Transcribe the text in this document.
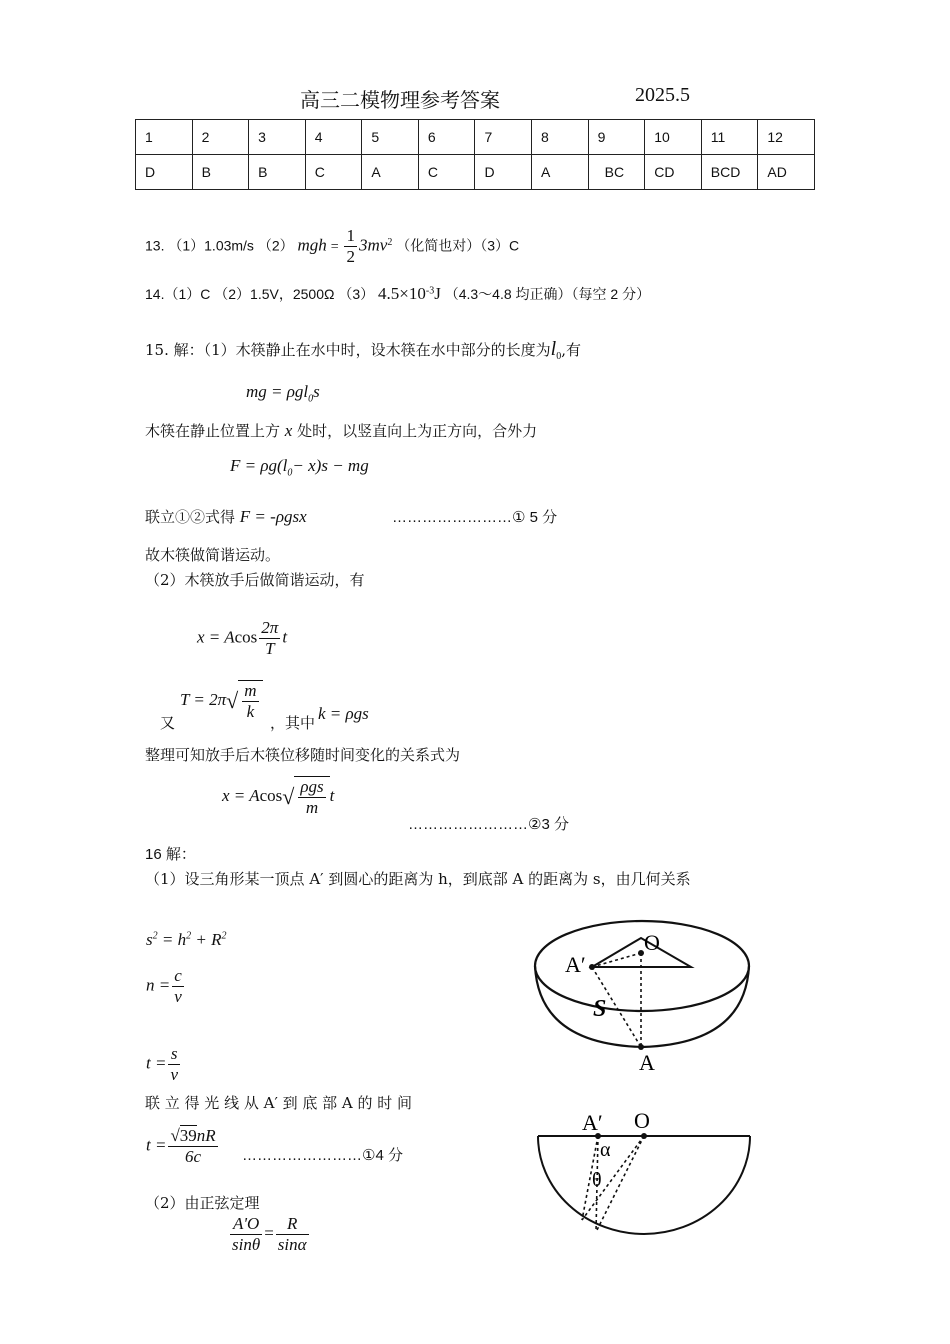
高三二模物理参考答案	2025.5
1	2	3	4	5	6	7	8	9	10	11	12
D	B	B	C	A	C	D	A	BC	CD	BCD	AD
13. （1）1.03m/s （2） mgh = $\frac{1}{2} 3mv^2$ （化简也对）（3）C
14.（1）C （2）1.5V，2500Ω （3） $4.5\times 10^{-3}J$ （4.3～4.8 均正确）（每空 2 分）
15. 解：（1）木筷静止在水中时，设木筷在水中部分的长度为$l_0$,有
mg = ρgl$_0$s
木筷在静止位置上方 x 处时，以竖直向上为正方向，合外力
$F = \rho g(l_0- x)s$ − mg
联立①②式得 F = -ρgsx	……………………① 5 分
故木筷做简谐运动。
（2）木筷放手后做简谐运动，有
x = Acos $\frac{2\pi}{T}$ t
又
$T = 2\pi√ \frac{m}{k}$
，其中 k = ρgs
整理可知放手后木筷位移随时间变化的关系式为
$x = Acos√ \frac{\text{ρgs}}{m}$ t
……………………②3 分
16 解：
（1）设三角形某一顶点 A′ 到圆心的距离为 h，到底部 A 的距离为 s，由几何关系
$s^2 = h^2 + R^2$
$n = \frac{c}{v}$
$t = \frac{s}{v}$
联 立 得 光 线 从 A′ 到 底 部 A 的 时 间
$t = \frac{√39nR}{6c}$ ……………………①4 分
（2）由正弦定理
$\frac{A'O}{\sin\theta} = \frac{R}{\sin\alpha}$
A′
O
S
A
A′ O
α
θ
